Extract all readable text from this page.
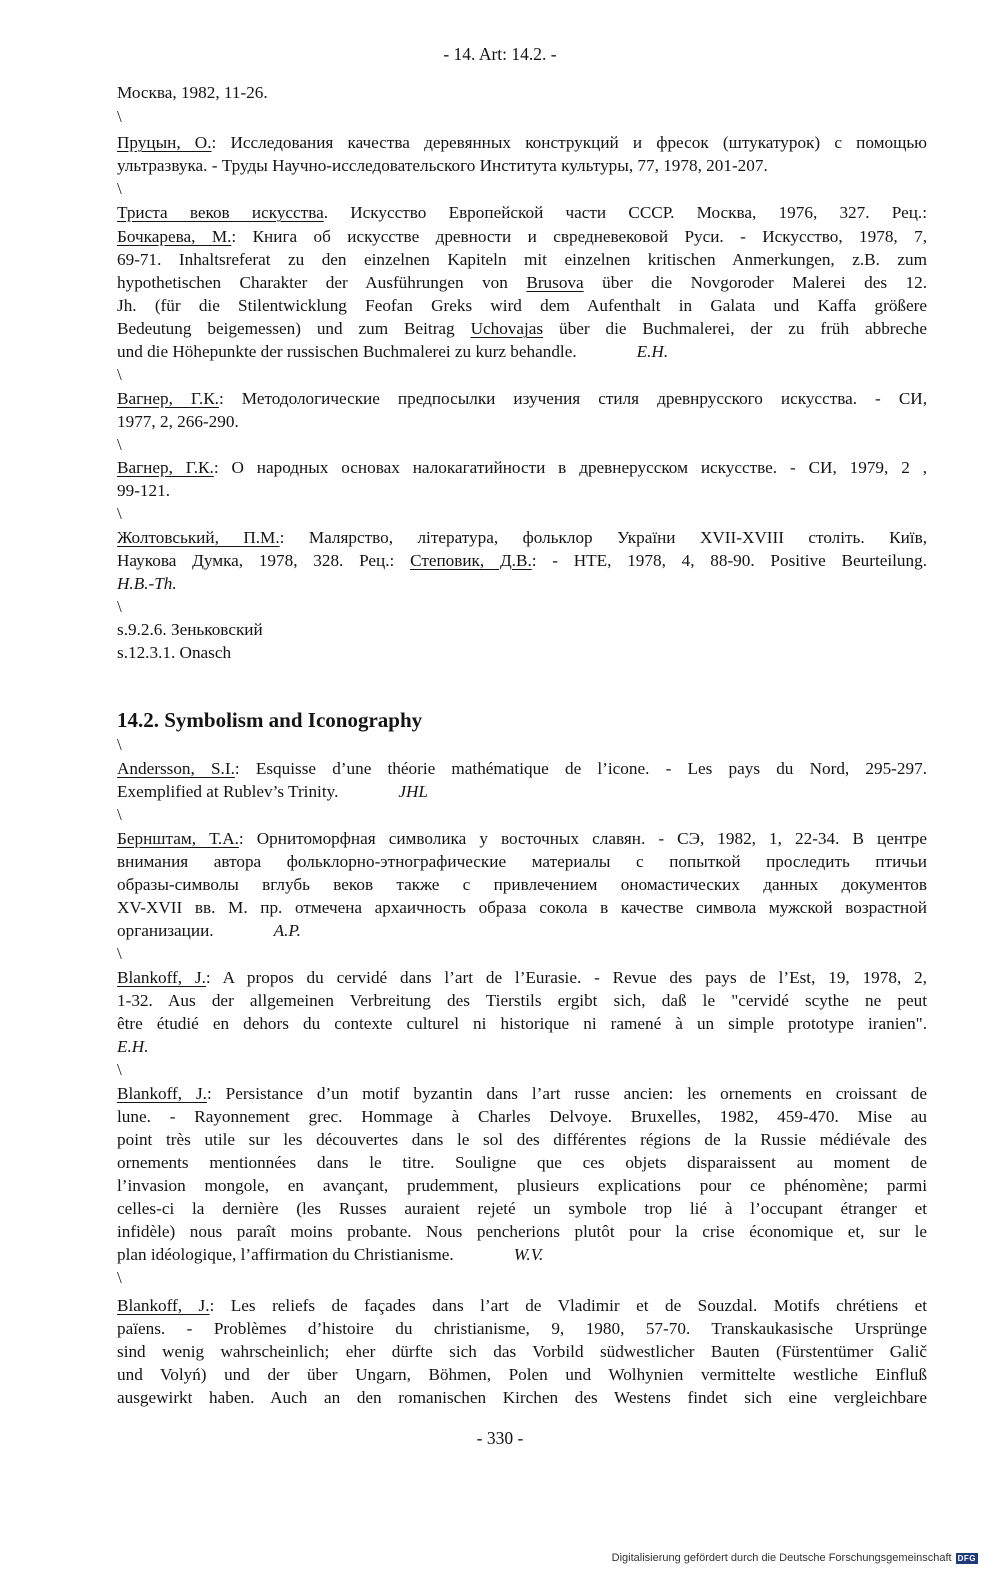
- 14. Art: 14.2. -
Москва, 1982, 11-26.
\
Пруцын, О.: Исследования качества деревянных конструкций и фресок (штукатурок) с помощью
ультразвука. - Труды Научно-исследовательского Института культуры, 77, 1978, 201-207.
\
Триста веков искусства. Искусство Европейской части СССР. Москва, 1976, 327. Рец.:
Бочкарева, М.: Книга об искусстве древности и свредневековой Руси. - Искусство, 1978, 7,
69-71. Inhaltsreferat zu den einzelnen Kapiteln mit einzelnen kritischen Anmerkungen, z.B. zum
hypothetischen Charakter der Ausführungen von Brusova über die Novgoroder Malerei des 12.
Jh. (für die Stilentwicklung Feofan Greks wird dem Aufenthalt in Galata und Kaffa größere
Bedeutung beigemessen) und zum Beitrag Uchovajas über die Buchmalerei, der zu früh abbreche
und die Höhepunkte der russischen Buchmalerei zu kurz behandle.	E.H.
\
Вагнер, Г.К.: Методологические предпосылки изучения стиля древнрусского искусства. - СИ,
1977, 2, 266-290.
\
Вагнер, Г.К.: О народных основах налокагатийности в древнерусском искусстве. - СИ, 1979, 2 ,
99-121.
\
Жолтовський, П.М.: Малярство, література, фольклор України XVII-XVIII століть. Київ,
Наукова Думка, 1978, 328. Рец.: Степовик, Д.В.: - НТЕ, 1978, 4, 88-90. Positive Beurteilung.
H.B.-Th.
\
s.9.2.6. Зеньковский
s.12.3.1. Onasch
14.2. Symbolism and Iconography
\
Andersson, S.I.: Esquisse d’une théorie mathématique de l’icone. - Les pays du Nord, 295-297.
Exemplified at Rublev’s Trinity.	JHL
\
Бернштам, Т.А.: Орнитоморфная символика у восточных славян. - СЭ, 1982, 1, 22-34. В центре
внимания автора фольклорно-этнографические материалы с попыткой проследить птичьи
образы-символы вглубь веков также с привлечением ономастических данных документов
XV-XVII вв. М. пр. отмечена архаичность образа сокола в качестве символа мужской возрастной
организации.	A.P.
\
Blankoff, J.: A propos du cervidé dans l’art de l’Eurasie. - Revue des pays de l’Est, 19, 1978, 2,
1-32. Aus der allgemeinen Verbreitung des Tierstils ergibt sich, daß le "cervidé scythe ne peut
être étudié en dehors du contexte culturel ni historique ni ramené à un simple prototype iranien".
E.H.
\
Blankoff, J.: Persistance d’un motif byzantin dans l’art russe ancien: les ornements en croissant de
lune. - Rayonnement grec. Hommage à Charles Delvoye. Bruxelles, 1982, 459-470. Mise au
point très utile sur les découvertes dans le sol des différentes régions de la Russie médiévale des
ornements mentionnées dans le titre. Souligne que ces objets disparaissent au moment de
l’invasion mongole, en avançant, prudemment, plusieurs explications pour ce phénomène; parmi
celles-ci la dernière (les Russes auraient rejeté un symbole trop lié à l’occupant étranger et
infidèle) nous paraît moins probante. Nous pencherions plutôt pour la crise économique et, sur le
plan idéologique, l’affirmation du Christianisme.	W.V.
\
Blankoff, J.: Les reliefs de façades dans l’art de Vladimir et de Souzdal. Motifs chrétiens et
païens. - Problèmes d’histoire du christianisme, 9, 1980, 57-70. Transkaukasische Ursprünge
sind wenig wahrscheinlich; eher dürfte sich das Vorbild südwestlicher Bauten (Fürstentümer Galič
und Volyń) und der über Ungarn, Böhmen, Polen und Wolhynien vermittelte westliche Einfluß
ausgewirkt haben. Auch an den romanischen Kirchen des Westens findet sich eine vergleichbare
- 330 -
Digitalisierung gefördert durch die Deutsche Forschungsgemeinschaft DFG
